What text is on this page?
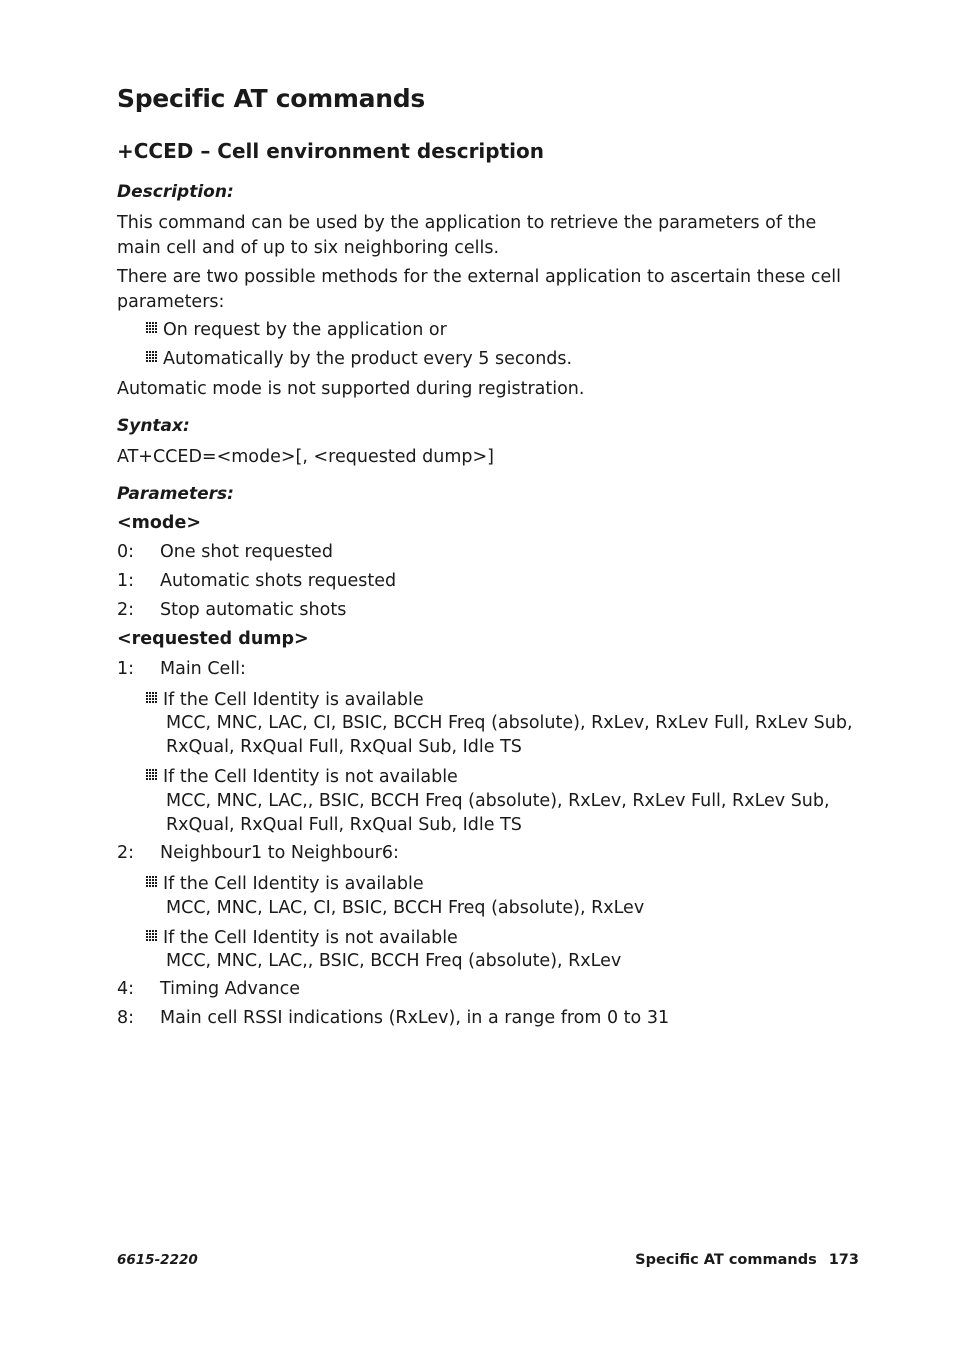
Specific AT commands
+CCED – Cell environment description
Description:
This command can be used by the application to retrieve the parameters of the main cell and of up to six neighboring cells.
There are two possible methods for the external application to ascertain these cell parameters:
On request by the application or
Automatically by the product every 5 seconds.
Automatic mode is not supported during registration.
Syntax:
AT+CCED=<mode>[, <requested dump>]
Parameters:
<mode>
0: One shot requested
1: Automatic shots requested
2: Stop automatic shots
<requested dump>
1: Main Cell:
If the Cell Identity is available
MCC, MNC, LAC, CI, BSIC, BCCH Freq (absolute), RxLev, RxLev Full, RxLev Sub,
RxQual, RxQual Full, RxQual Sub, Idle TS
If the Cell Identity is not available
MCC, MNC, LAC,, BSIC, BCCH Freq (absolute), RxLev, RxLev Full, RxLev Sub,
RxQual, RxQual Full, RxQual Sub, Idle TS
2: Neighbour1 to Neighbour6:
If the Cell Identity is available
MCC, MNC, LAC, CI, BSIC, BCCH Freq (absolute), RxLev
If the Cell Identity is not available
MCC, MNC, LAC,, BSIC, BCCH Freq (absolute), RxLev
4: Timing Advance
8: Main cell RSSI indications (RxLev), in a range from 0 to 31
6615-2220	Specific AT commands 173
